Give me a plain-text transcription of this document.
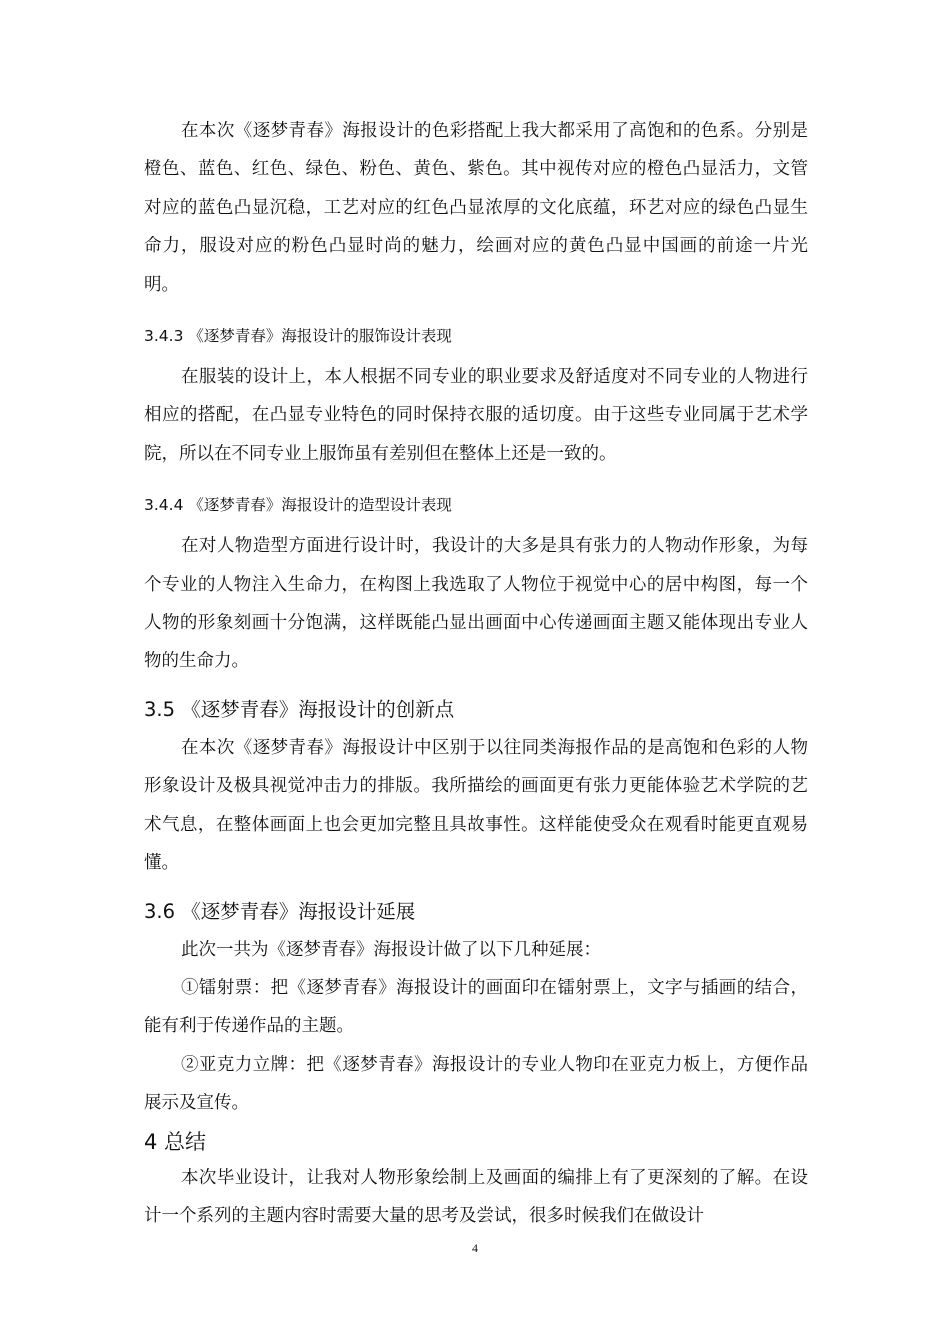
在本次《逐梦青春》海报设计的色彩搭配上我大都采用了高饱和的色系。分别是橙色、蓝色、红色、绿色、粉色、黄色、紫色。其中视传对应的橙色凸显活力，文管对应的蓝色凸显沉稳，工艺对应的红色凸显浓厚的文化底蕴，环艺对应的绿色凸显生命力，服设对应的粉色凸显时尚的魅力，绘画对应的黄色凸显中国画的前途一片光明。

3.4.3 《逐梦青春》海报设计的服饰设计表现

在服装的设计上，本人根据不同专业的职业要求及舒适度对不同专业的人物进行相应的搭配，在凸显专业特色的同时保持衣服的适切度。由于这些专业同属于艺术学院，所以在不同专业上服饰虽有差别但在整体上还是一致的。

3.4.4 《逐梦青春》海报设计的造型设计表现

在对人物造型方面进行设计时，我设计的大多是具有张力的人物动作形象，为每个专业的人物注入生命力，在构图上我选取了人物位于视觉中心的居中构图，每一个人物的形象刻画十分饱满，这样既能凸显出画面中心传递画面主题又能体现出专业人物的生命力。

3.5 《逐梦青春》海报设计的创新点

在本次《逐梦青春》海报设计中区别于以往同类海报作品的是高饱和色彩的人物形象设计及极具视觉冲击力的排版。我所描绘的画面更有张力更能体验艺术学院的艺术气息，在整体画面上也会更加完整且具故事性。这样能使受众在观看时能更直观易懂。

3.6 《逐梦青春》海报设计延展

此次一共为《逐梦青春》海报设计做了以下几种延展：

①镭射票：把《逐梦青春》海报设计的画面印在镭射票上，文字与插画的结合，能有利于传递作品的主题。

②亚克力立牌：把《逐梦青春》海报设计的专业人物印在亚克力板上，方便作品展示及宣传。

4 总结

本次毕业设计，让我对人物形象绘制上及画面的编排上有了更深刻的了解。在设计一个系列的主题内容时需要大量的思考及尝试，很多时候我们在做设计

4
